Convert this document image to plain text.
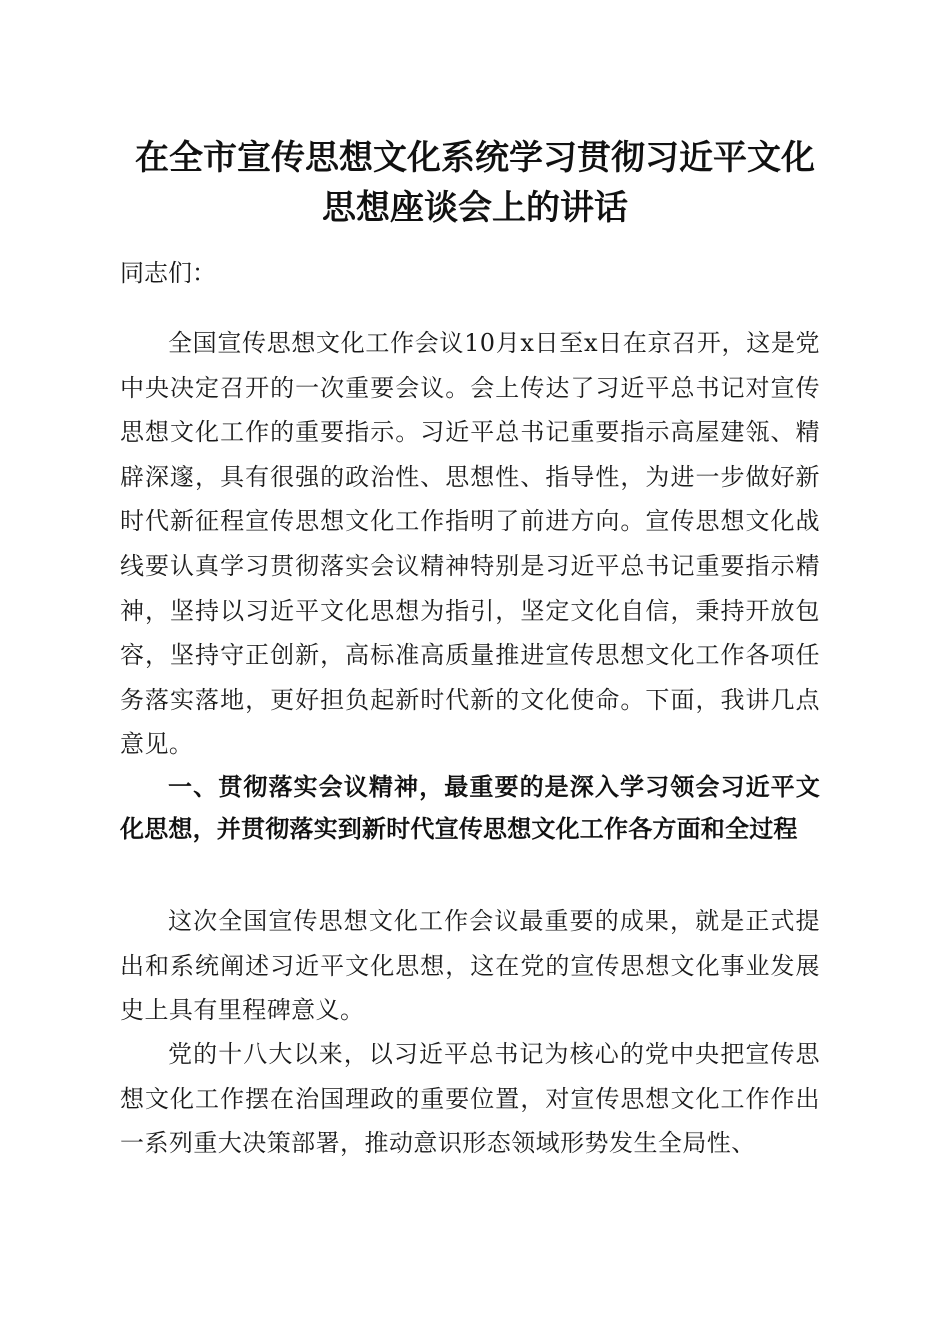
在全市宣传思想文化系统学习贯彻习近平文化
思想座谈会上的讲话
同志们：

全国宣传思想文化工作会议10月x日至x日在京召开，这是党中央决定召开的一次重要会议。会上传达了习近平总书记对宣传思想文化工作的重要指示。习近平总书记重要指示高屋建瓴、精辟深邃，具有很强的政治性、思想性、指导性，为进一步做好新时代新征程宣传思想文化工作指明了前进方向。宣传思想文化战线要认真学习贯彻落实会议精神特别是习近平总书记重要指示精神，坚持以习近平文化思想为指引，坚定文化自信，秉持开放包容，坚持守正创新，高标准高质量推进宣传思想文化工作各项任务落实落地，更好担负起新时代新的文化使命。下面，我讲几点意见。

一、贯彻落实会议精神，最重要的是深入学习领会习近平文化思想，并贯彻落实到新时代宣传思想文化工作各方面和全过程

这次全国宣传思想文化工作会议最重要的成果，就是正式提出和系统阐述习近平文化思想，这在党的宣传思想文化事业发展史上具有里程碑意义。

党的十八大以来，以习近平总书记为核心的党中央把宣传思想文化工作摆在治国理政的重要位置，对宣传思想文化工作作出一系列重大决策部署，推动意识形态领域形势发生全局性、
